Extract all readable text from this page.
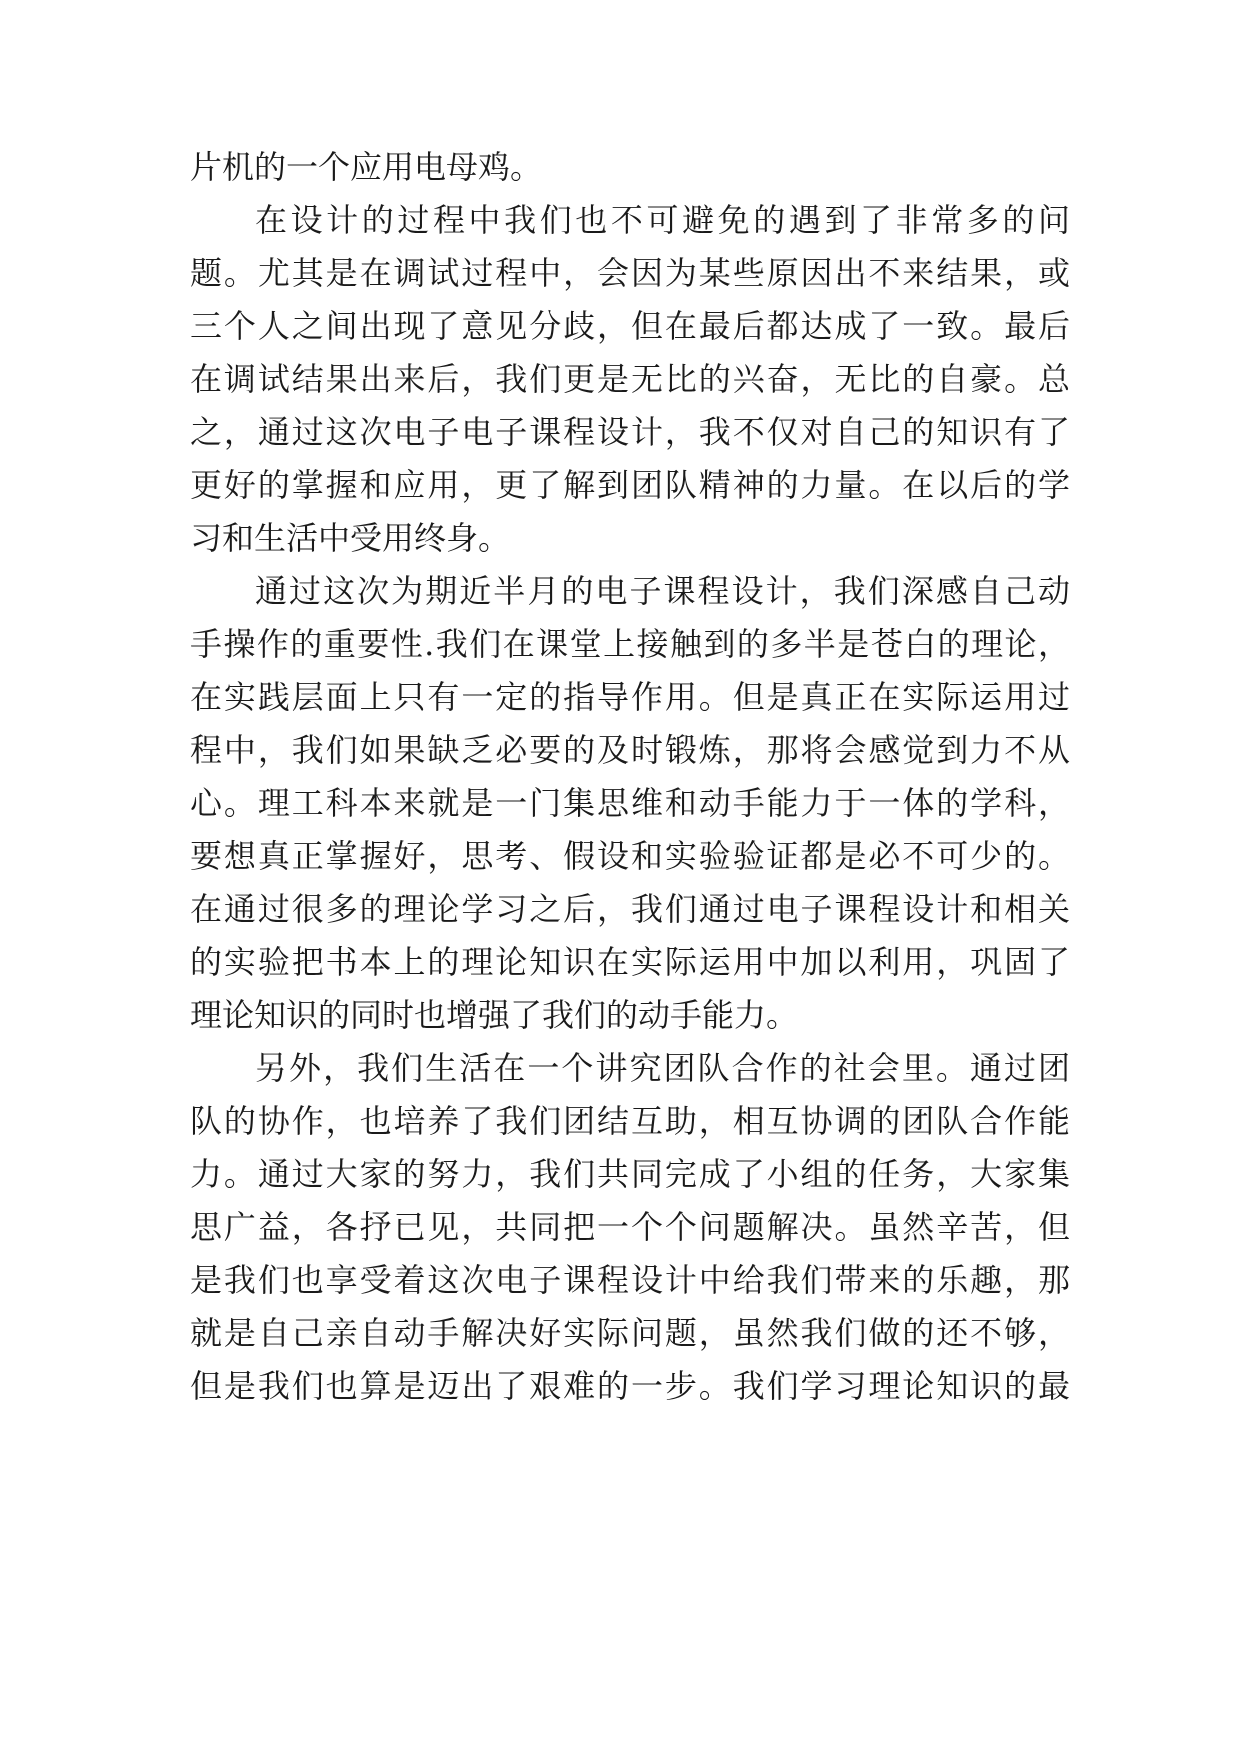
片机的一个应用电母鸡。
在设计的过程中我们也不可避免的遇到了非常多的问
题。尤其是在调试过程中，会因为某些原因出不来结果，或
三个人之间出现了意见分歧，但在最后都达成了一致。最后
在调试结果出来后，我们更是无比的兴奋，无比的自豪。总
之，通过这次电子电子课程设计，我不仅对自己的知识有了
更好的掌握和应用，更了解到团队精神的力量。在以后的学
习和生活中受用终身。
通过这次为期近半月的电子课程设计，我们深感自己动
手操作的重要性.我们在课堂上接触到的多半是苍白的理论，
在实践层面上只有一定的指导作用。但是真正在实际运用过
程中，我们如果缺乏必要的及时锻炼，那将会感觉到力不从
心。理工科本来就是一门集思维和动手能力于一体的学科，
要想真正掌握好，思考、假设和实验验证都是必不可少的。
在通过很多的理论学习之后，我们通过电子课程设计和相关
的实验把书本上的理论知识在实际运用中加以利用，巩固了
理论知识的同时也增强了我们的动手能力。
另外，我们生活在一个讲究团队合作的社会里。通过团
队的协作，也培养了我们团结互助，相互协调的团队合作能
力。通过大家的努力，我们共同完成了小组的任务，大家集
思广益，各抒已见，共同把一个个问题解决。虽然辛苦，但
是我们也享受着这次电子课程设计中给我们带来的乐趣，那
就是自己亲自动手解决好实际问题，虽然我们做的还不够，
但是我们也算是迈出了艰难的一步。我们学习理论知识的最
